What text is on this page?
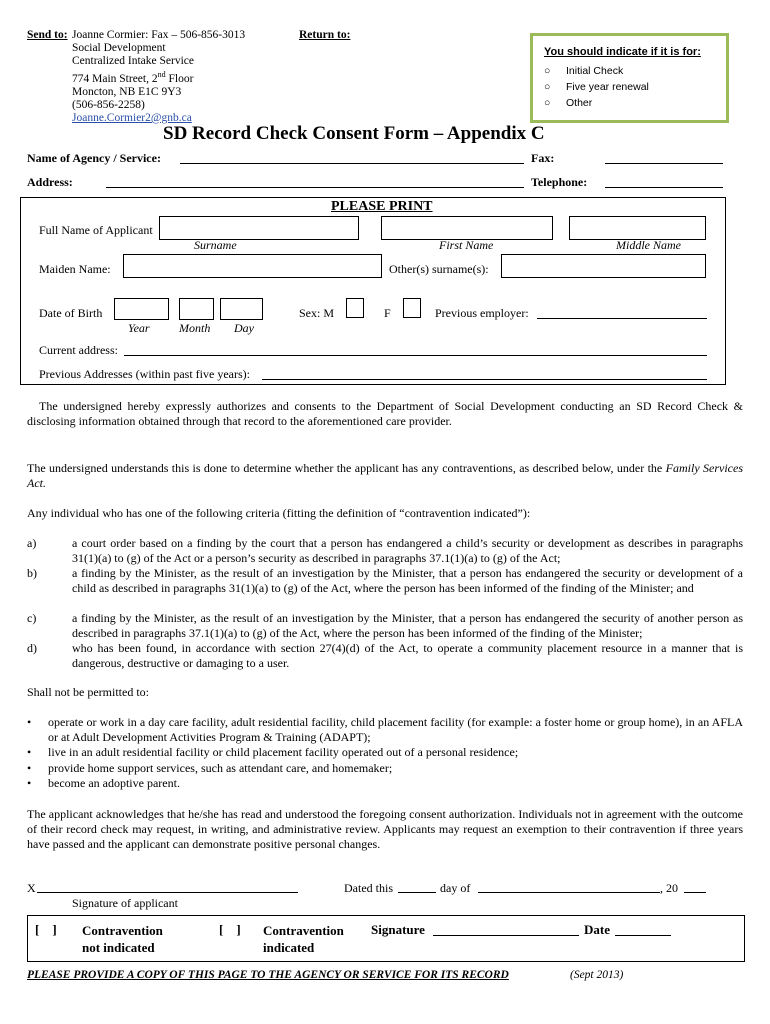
Send to: Joanne Cormier: Fax – 506-856-3013
Social Development
Centralized Intake Service
774 Main Street, 2nd Floor
Moncton, NB E1C 9Y3
(506-856-2258)
Joanne.Cormier2@gnb.ca
Return to:
You should indicate if it is for:
○ Initial Check
○ Five year renewal
○ Other
SD Record Check Consent Form – Appendix C
Name of Agency / Service:	Fax:
Address:	Telephone:
PLEASE PRINT
Full Name of Applicant
Surname	First Name	Middle Name
Maiden Name:	Other(s) surname(s):
Date of Birth
Year Month Day
Sex: M	F	Previous employer:
Current address:
Previous Addresses (within past five years):
The undersigned hereby expressly authorizes and consents to the Department of Social Development conducting an SD Record Check & disclosing information obtained through that record to the aforementioned care provider.
The undersigned understands this is done to determine whether the applicant has any contraventions, as described below, under the Family Services Act.
Any individual who has one of the following criteria (fitting the definition of “contravention indicated”):
a)	a court order based on a finding by the court that a person has endangered a child’s security or development as describes in paragraphs 31(1)(a) to (g) of the Act or a person’s security as described in paragraphs 37.1(1)(a) to (g) of the Act;
b)	a finding by the Minister, as the result of an investigation by the Minister, that a person has endangered the security or development of a child as described in paragraphs 31(1)(a) to (g) of the Act, where the person has been informed of the finding of the Minister; and
c)	a finding by the Minister, as the result of an investigation by the Minister, that a person has endangered the security of another person as described in paragraphs 37.1(1)(a) to (g) of the Act, where the person has been informed of the finding of the Minister;
d)	who has been found, in accordance with section 27(4)(d) of the Act, to operate a community placement resource in a manner that is dangerous, destructive or damaging to a user.
Shall not be permitted to:
• operate or work in a day care facility, adult residential facility, child placement facility (for example: a foster home or group home), in an AFLA or at Adult Development Activities Program & Training (ADAPT);
• live in an adult residential facility or child placement facility operated out of a personal residence;
• provide home support services, such as attendant care, and homemaker;
• become an adoptive parent.
The applicant acknowledges that he/she has read and understood the foregoing consent authorization. Individuals not in agreement with the outcome of their record check may request, in writing, and administrative review. Applicants may request an exemption to their contravention if three years have passed and the applicant can demonstrate positive personal changes.
X	Dated this	day of	, 20
Signature of applicant
[    ] Contravention
not indicated
[    ] Contravention
indicated
Signature	Date
PLEASE PROVIDE A COPY OF THIS PAGE TO THE AGENCY OR SERVICE FOR ITS RECORD	(Sept 2013)
